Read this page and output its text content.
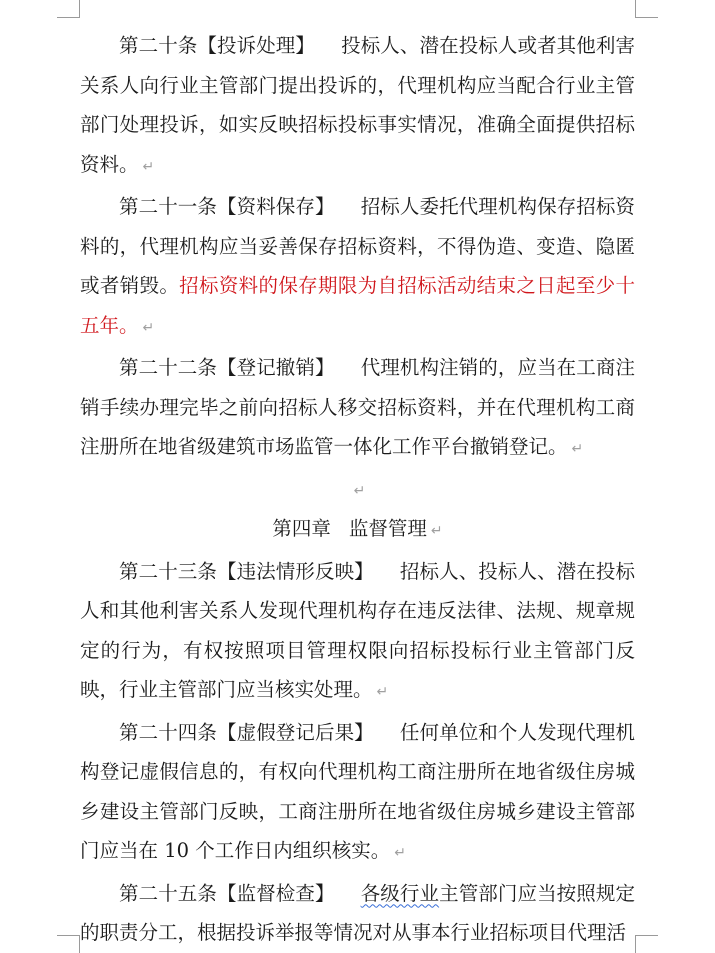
第二十条【投诉处理】 投标人、潜在投标人或者其他利害关系人向行业主管部门提出投诉的，代理机构应当配合行业主管部门处理投诉，如实反映招标投标事实情况，准确全面提供招标资料。 ↵

第二十一条【资料保存】 招标人委托代理机构保存招标资料的，代理机构应当妥善保存招标资料，不得伪造、变造、隐匿或者销毁。招标资料的保存期限为自招标活动结束之日起至少十五年。 ↵

第二十二条【登记撤销】 代理机构注销的，应当在工商注销手续办理完毕之前向招标人移交招标资料，并在代理机构工商注册所在地省级建筑市场监管一体化工作平台撤销登记。 ↵

↵

第四章 监督管理 ↵

第二十三条【违法情形反映】 招标人、投标人、潜在投标人和其他利害关系人发现代理机构存在违反法律、法规、规章规定的行为，有权按照项目管理权限向招标投标行业主管部门反映，行业主管部门应当核实处理。 ↵

第二十四条【虚假登记后果】 任何单位和个人发现代理机构登记虚假信息的，有权向代理机构工商注册所在地省级住房城乡建设主管部门反映，工商注册所在地省级住房城乡建设主管部门应当在 10 个工作日内组织核实。 ↵

第二十五条【监督检查】 各级行业主管部门应当按照规定的职责分工，根据投诉举报等情况对从事本行业招标项目代理活
